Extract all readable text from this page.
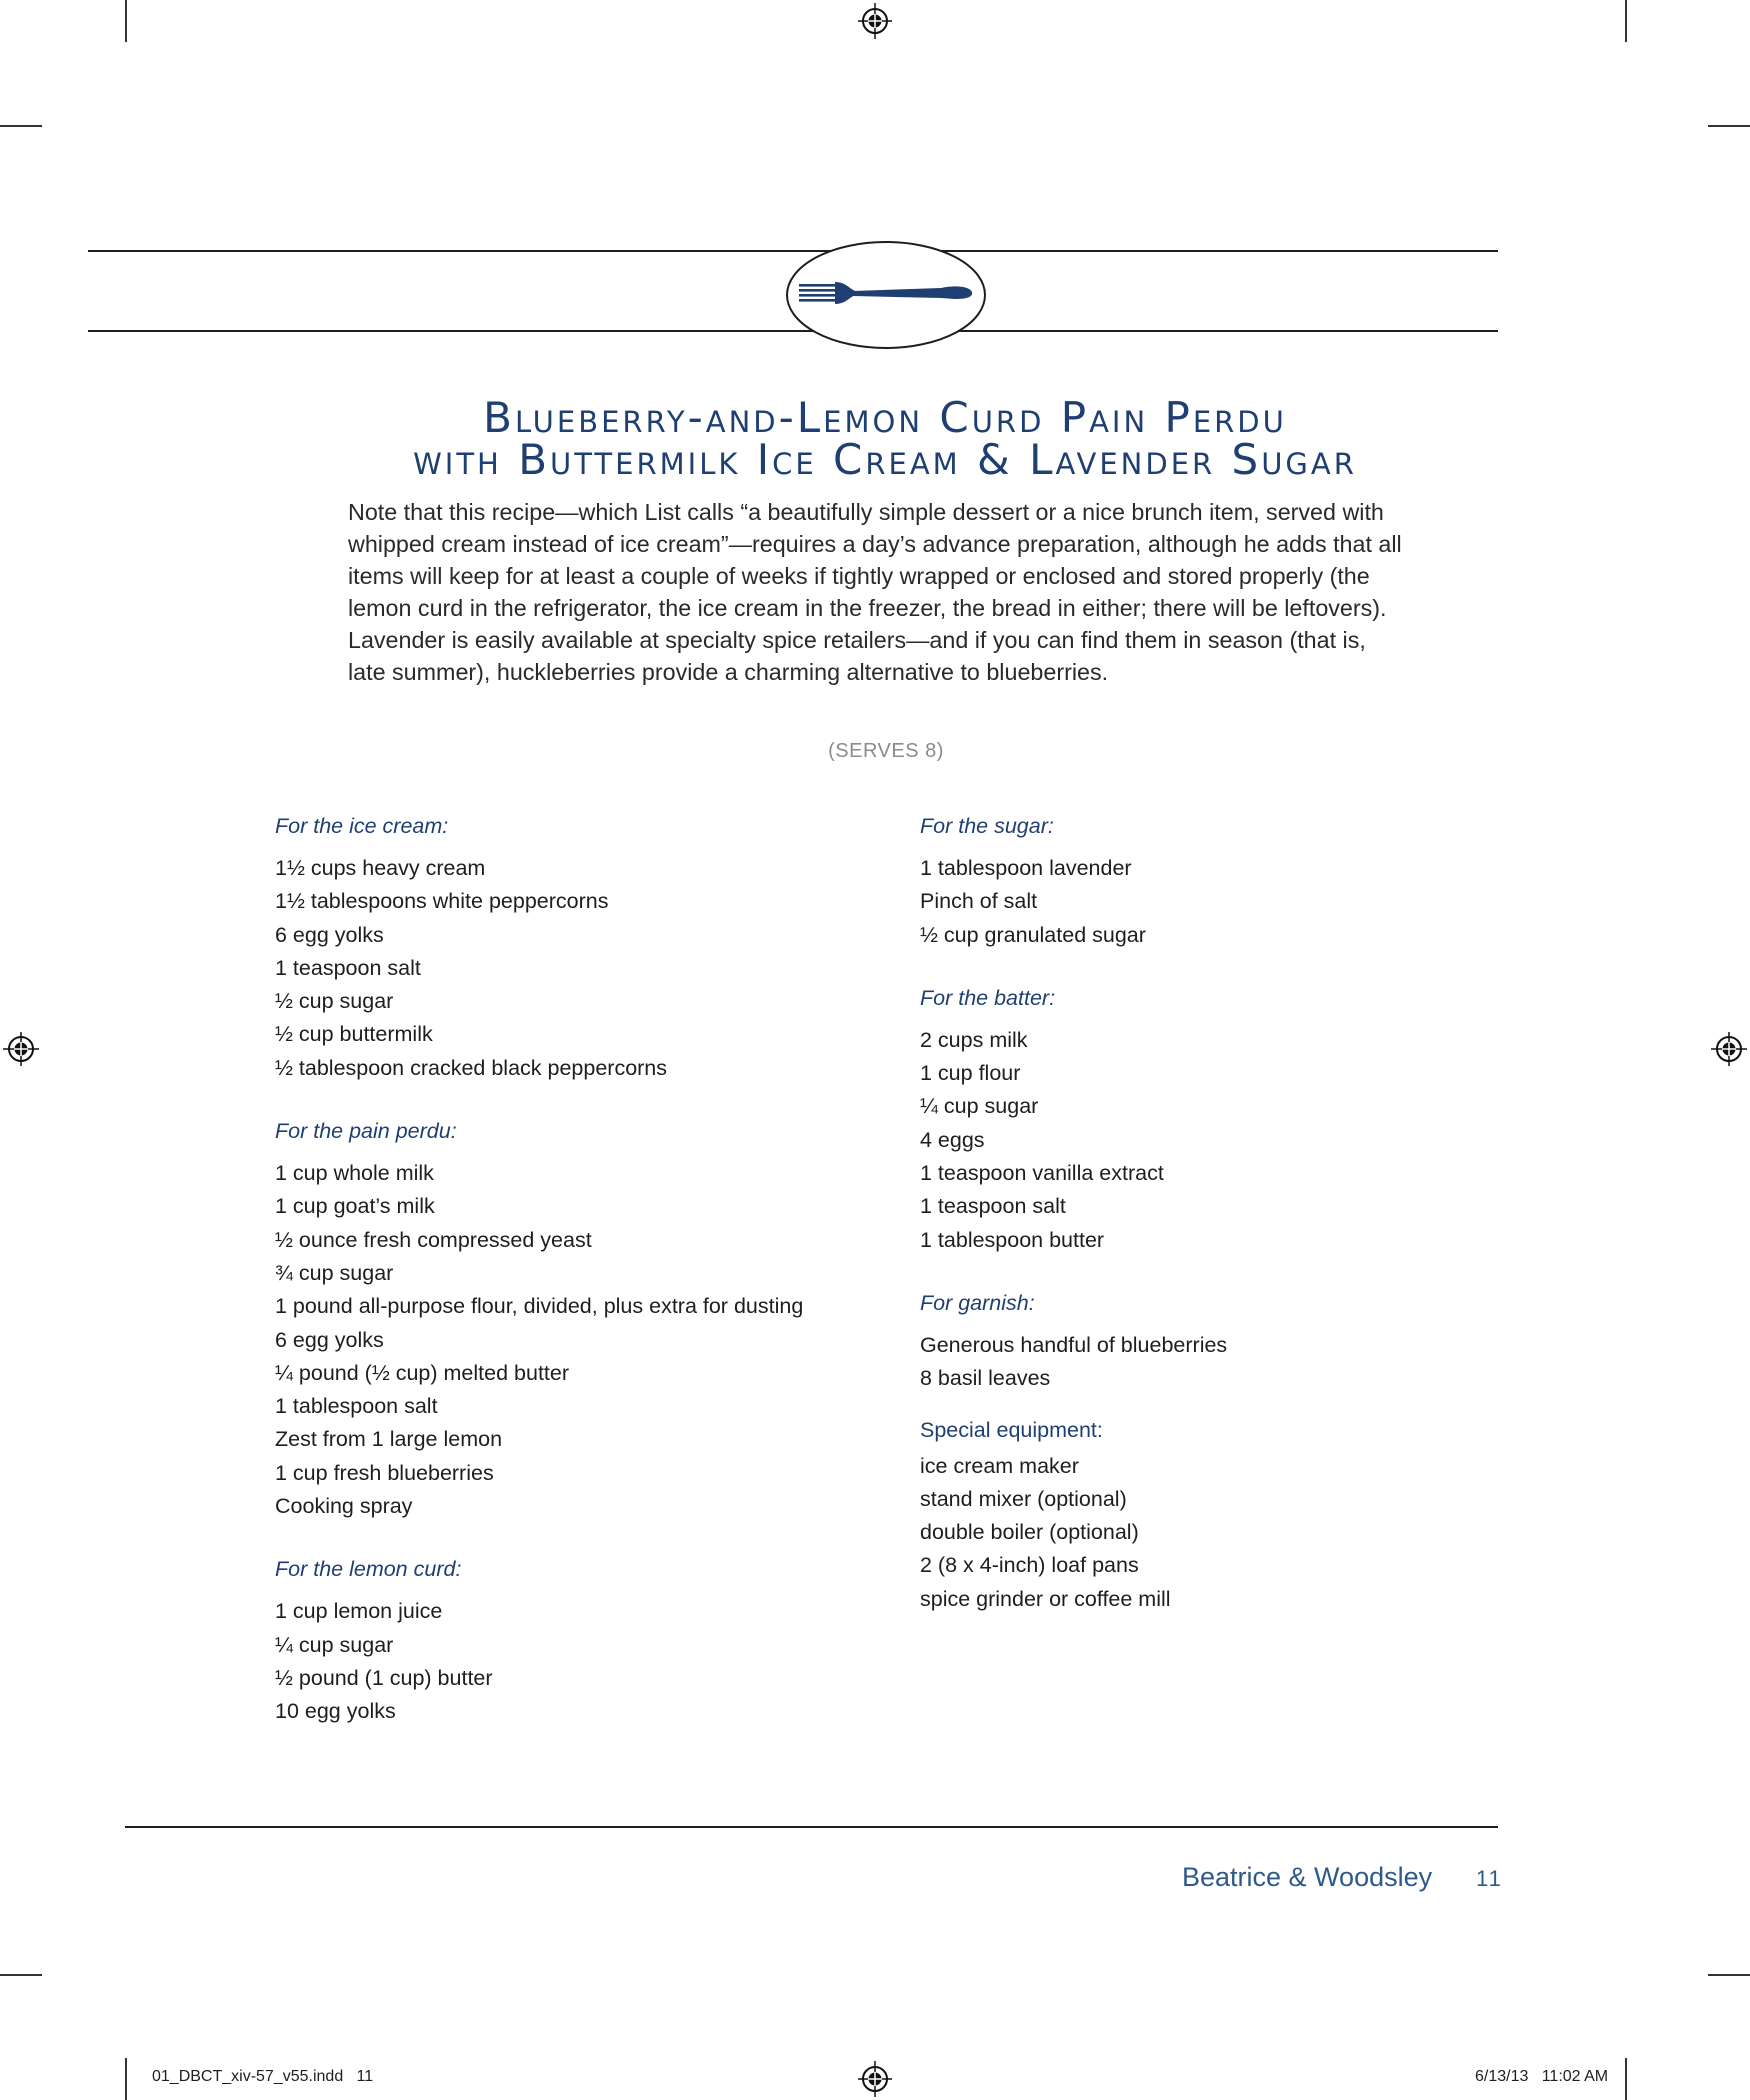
Blueberry-and-Lemon Curd Pain Perdu
with Buttermilk Ice Cream & Lavender Sugar

Note that this recipe—which List calls “a beautifully simple dessert or a nice brunch item, served with whipped cream instead of ice cream”—requires a day’s advance preparation, although he adds that all items will keep for at least a couple of weeks if tightly wrapped or enclosed and stored properly (the lemon curd in the refrigerator, the ice cream in the freezer, the bread in either; there will be leftovers). Lavender is easily available at specialty spice retailers—and if you can find them in season (that is, late summer), huckleberries provide a charming alternative to blueberries.

(SERVES 8)
For the ice cream:
1½ cups heavy cream
1½ tablespoons white peppercorns
6 egg yolks
1 teaspoon salt
½ cup sugar
½ cup buttermilk
½ tablespoon cracked black peppercorns
For the pain perdu:
1 cup whole milk
1 cup goat’s milk
½ ounce fresh compressed yeast
¾ cup sugar
1 pound all-purpose flour, divided, plus extra for dusting
6 egg yolks
¼ pound (½ cup) melted butter
1 tablespoon salt
Zest from 1 large lemon
1 cup fresh blueberries
Cooking spray
For the lemon curd:
1 cup lemon juice
¼ cup sugar
½ pound (1 cup) butter
10 egg yolks
For the sugar:
1 tablespoon lavender
Pinch of salt
½ cup granulated sugar
For the batter:
2 cups milk
1 cup flour
¼ cup sugar
4 eggs
1 teaspoon vanilla extract
1 teaspoon salt
1 tablespoon butter
For garnish:
Generous handful of blueberries
8 basil leaves
Special equipment:
ice cream maker
stand mixer (optional)
double boiler (optional)
2 (8 x 4-inch) loaf pans
spice grinder or coffee mill
Beatrice & Woodsley 11
01_DBCT_xiv-57_v55.indd   11	6/13/13   11:02 AM
